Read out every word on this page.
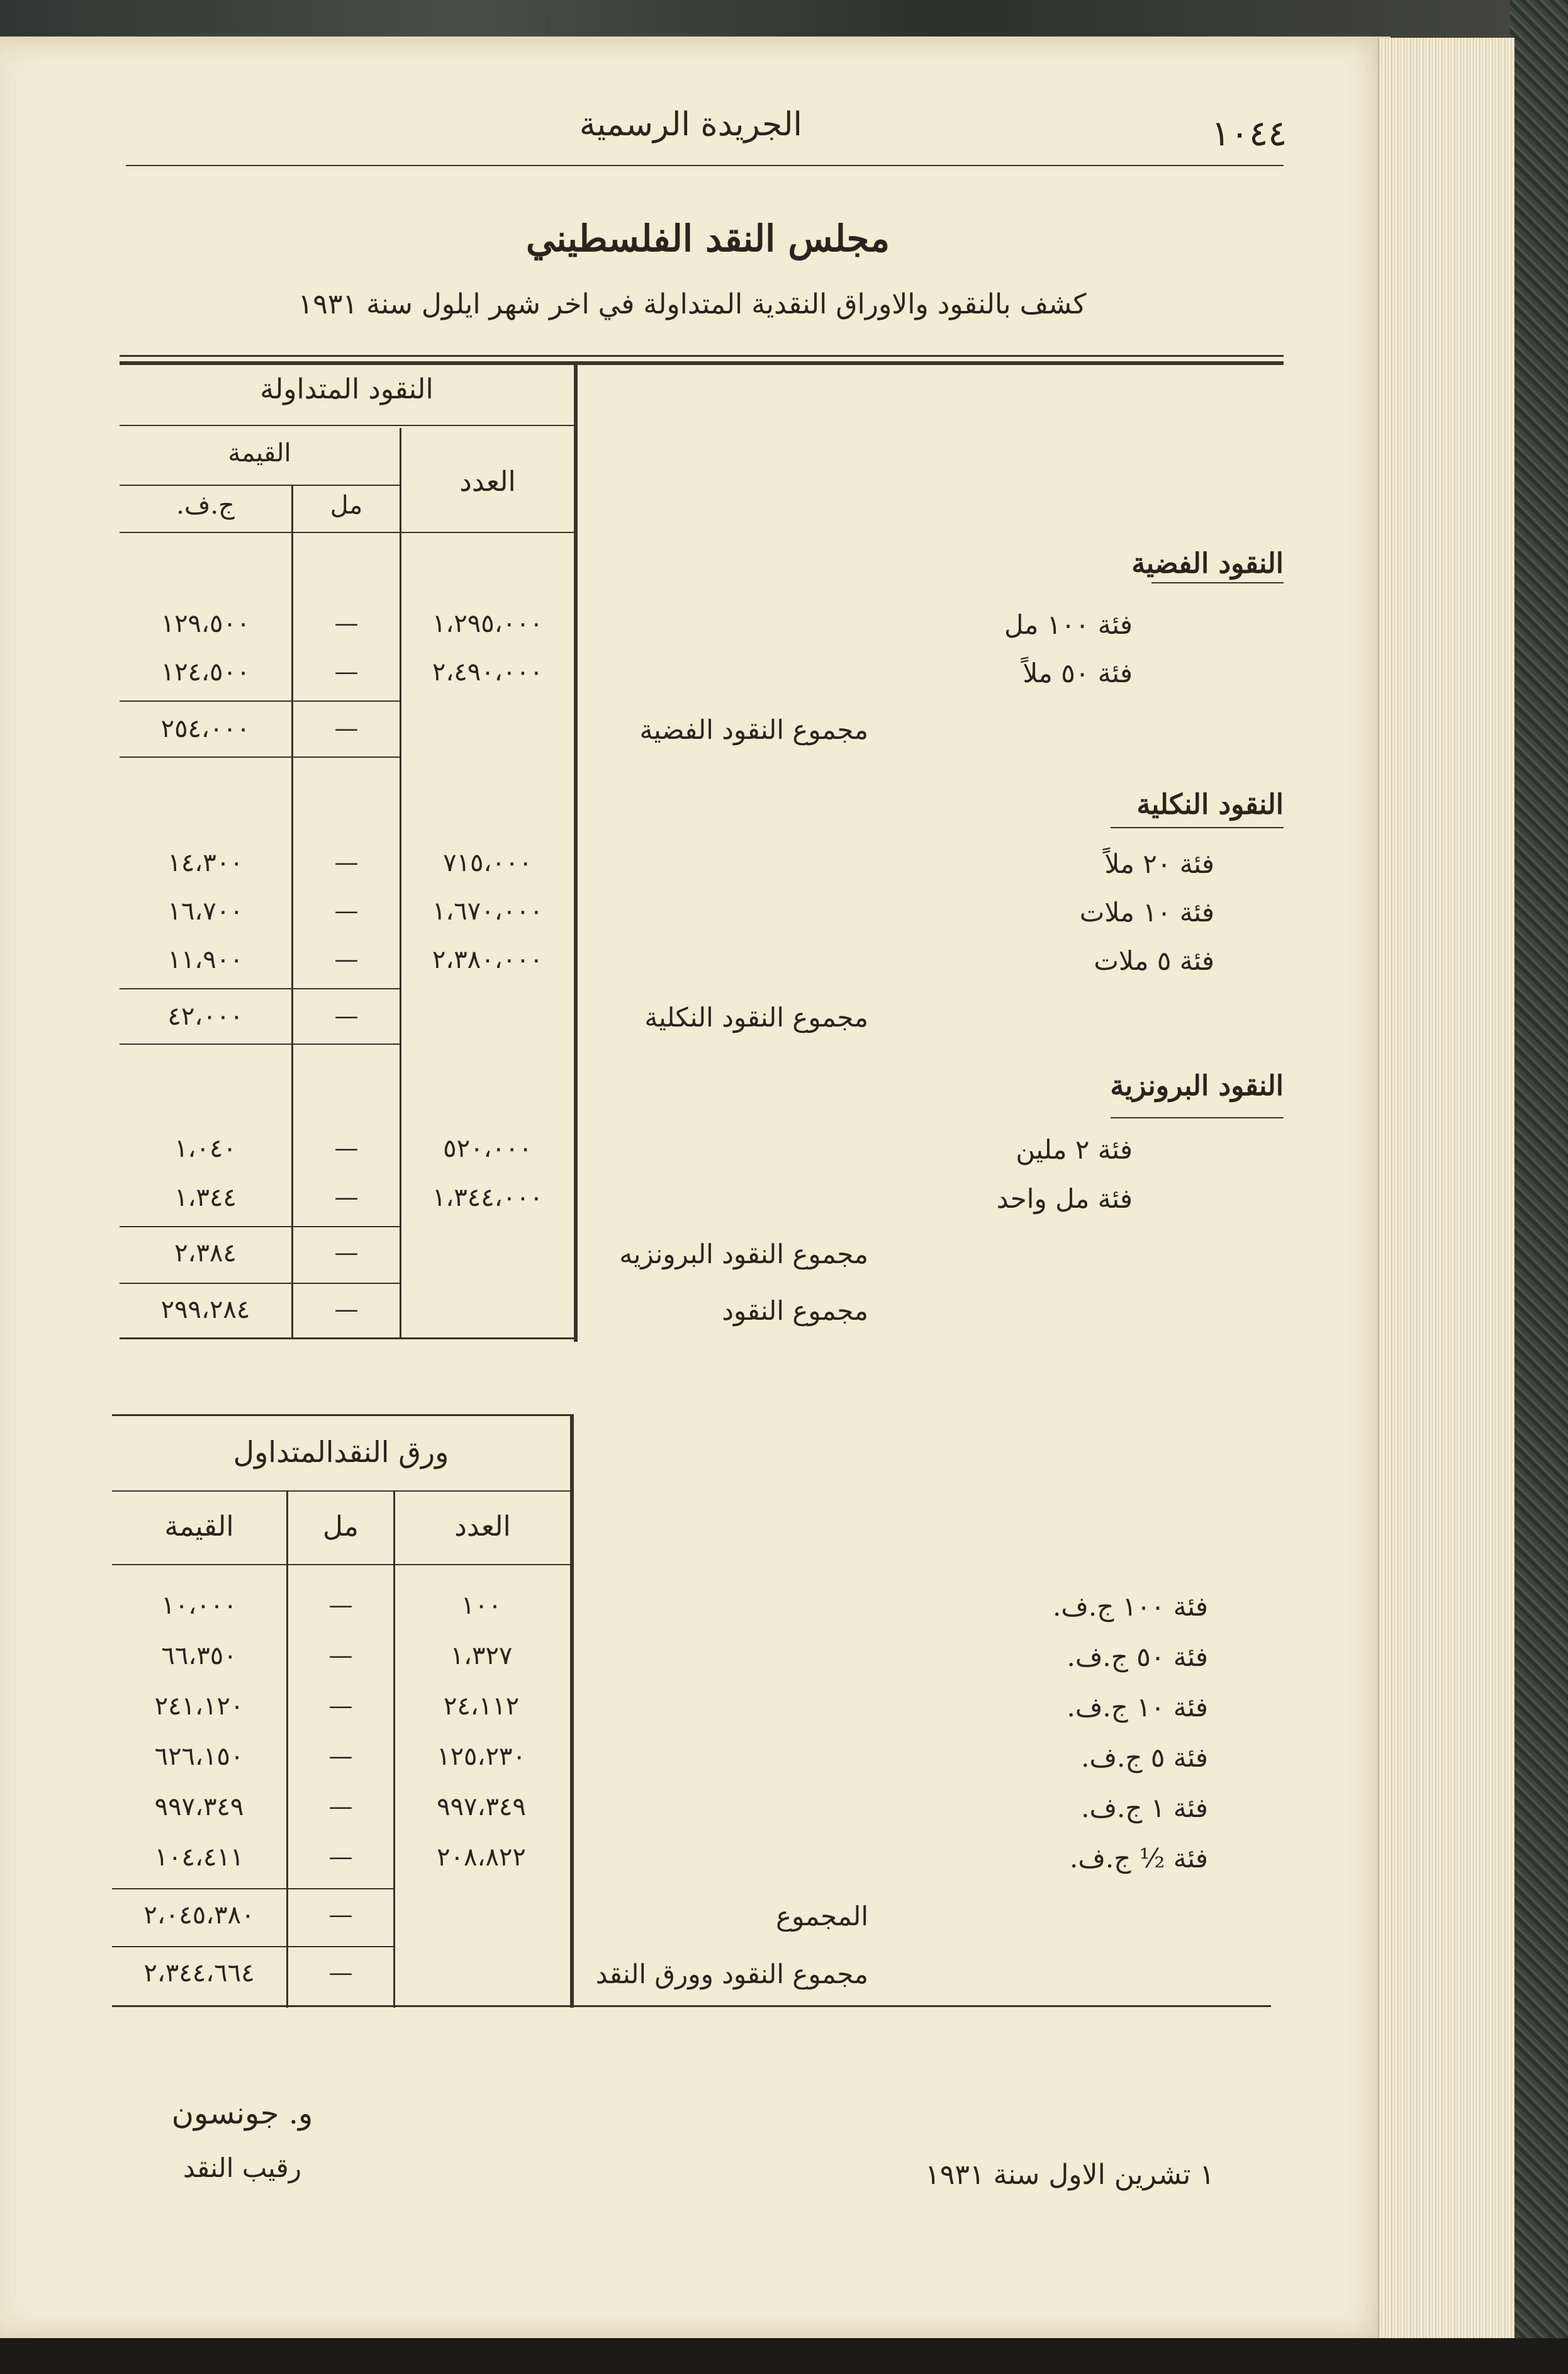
الجريدة الرسمية	١٠٤٤
مجلس النقد الفلسطيني
كشف بالنقود والاوراق النقدية المتداولة في اخر شهر ايلول سنة ١٩٣١
النقود المتداولة
العدد
القيمة
مل
ج.ف.
النقود الفضية
فئة ١٠٠ مل
١،٢٩٥،٠٠٠
—
١٢٩،٥٠٠
فئة ٥٠ ملاً
٢،٤٩٠،٠٠٠
—
١٢٤،٥٠٠
مجموع النقود الفضية
—
٢٥٤،٠٠٠
النقود النكلية
فئة ٢٠ ملاً
٧١٥،٠٠٠
—
١٤،٣٠٠
فئة ١٠ ملات
١،٦٧٠،٠٠٠
—
١٦،٧٠٠
فئة ٥ ملات
٢،٣٨٠،٠٠٠
—
١١،٩٠٠
مجموع النقود النكلية
—
٤٢،٠٠٠
النقود البرونزية
فئة ٢ ملين
٥٢٠،٠٠٠
—
١،٠٤٠
فئة مل واحد
١،٣٤٤،٠٠٠
—
١،٣٤٤
مجموع النقود البرونزيه
—
٢،٣٨٤
مجموع النقود
—
٢٩٩،٢٨٤
ورق النقدالمتداول
العدد
مل
القيمة
فئة ١٠٠ ج.ف.
١٠٠
—
١٠،٠٠٠
فئة ٥٠ ج.ف.
١،٣٢٧
—
٦٦،٣٥٠
فئة ١٠ ج.ف.
٢٤،١١٢
—
٢٤١،١٢٠
فئة ٥ ج.ف.
١٢٥،٢٣٠
—
٦٢٦،١٥٠
فئة ١ ج.ف.
٩٩٧،٣٤٩
—
٩٩٧،٣٤٩
فئة ½ ج.ف.
٢٠٨،٨٢٢
—
١٠٤،٤١١
المجموع
—
٢،٠٤٥،٣٨٠
مجموع النقود وورق النقد
—
٢،٣٤٤،٦٦٤
١ تشرين الاول سنة ١٩٣١
و. جونسون
رقيب النقد
